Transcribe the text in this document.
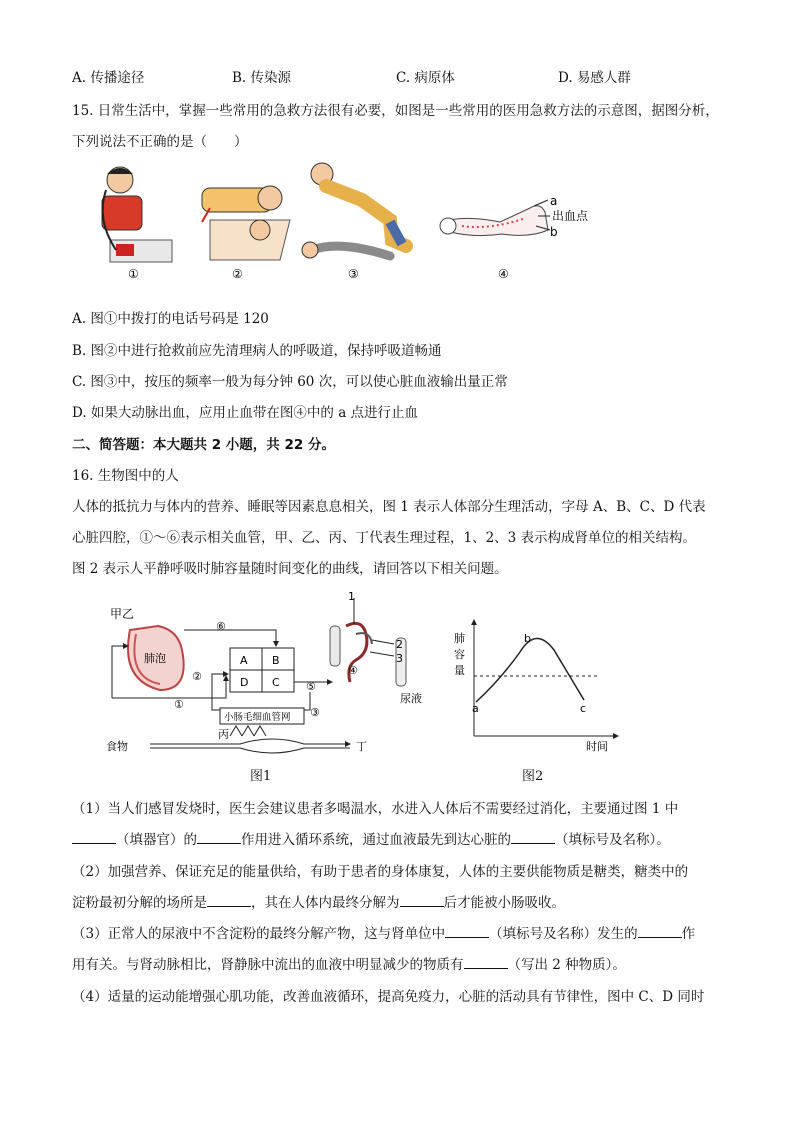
A. 传播途径	B. 传染源	C. 病原体	D. 易感人群
15. 日常生活中，掌握一些常用的急救方法很有必要，如图是一些常用的医用急救方法的示意图，据图分析，
下列说法不正确的是（　　）
a
出血点
b
①	②	③	④
A. 图①中拨打的电话号码是 120
B. 图②中进行抢救前应先清理病人的呼吸道，保持呼吸道畅通
C. 图③中，按压的频率一般为每分钟 60 次，可以使心脏血液输出量正常
D. 如果大动脉出血，应用止血带在图④中的 a 点进行止血
二、简答题：本大题共 2 小题，共 22 分。
16. 生物图中的人
人体的抵抗力与体内的营养、睡眠等因素息息相关，图 1 表示人体部分生理活动，字母 A、B、C、D 代表
心脏四腔，①～⑥表示相关血管，甲、乙、丙、丁代表生理过程，1、2、3 表示构成肾单位的相关结构。
图 2 表示人平静呼吸时肺容量随时间变化的曲线，请回答以下相关问题。
甲乙
肺泡	A B
D C
⑥
②
①
⑤
③
小肠毛细血管网
丙
食物	丁
1
2
3
④
尿液
图1
肺
容
量
a
b
c
时间
图2
（1）当人们感冒发烧时，医生会建议患者多喝温水，水进入人体后不需要经过消化，主要通过图 1 中
（填器官）的	作用进入循环系统，通过血液最先到达心脏的	（填标号及名称）。
（2）加强营养、保证充足的能量供给，有助于患者的身体康复，人体的主要供能物质是糖类，糖类中的
淀粉最初分解的场所是	，其在人体内最终分解为	后才能被小肠吸收。
（3）正常人的尿液中不含淀粉的最终分解产物，这与肾单位中	（填标号及名称）发生的	作
用有关。与肾动脉相比，肾静脉中流出的血液中明显减少的物质有	（写出 2 种物质）。
（4）适量的运动能增强心肌功能，改善血液循环，提高免疫力，心脏的活动具有节律性，图中 C、D 同时
